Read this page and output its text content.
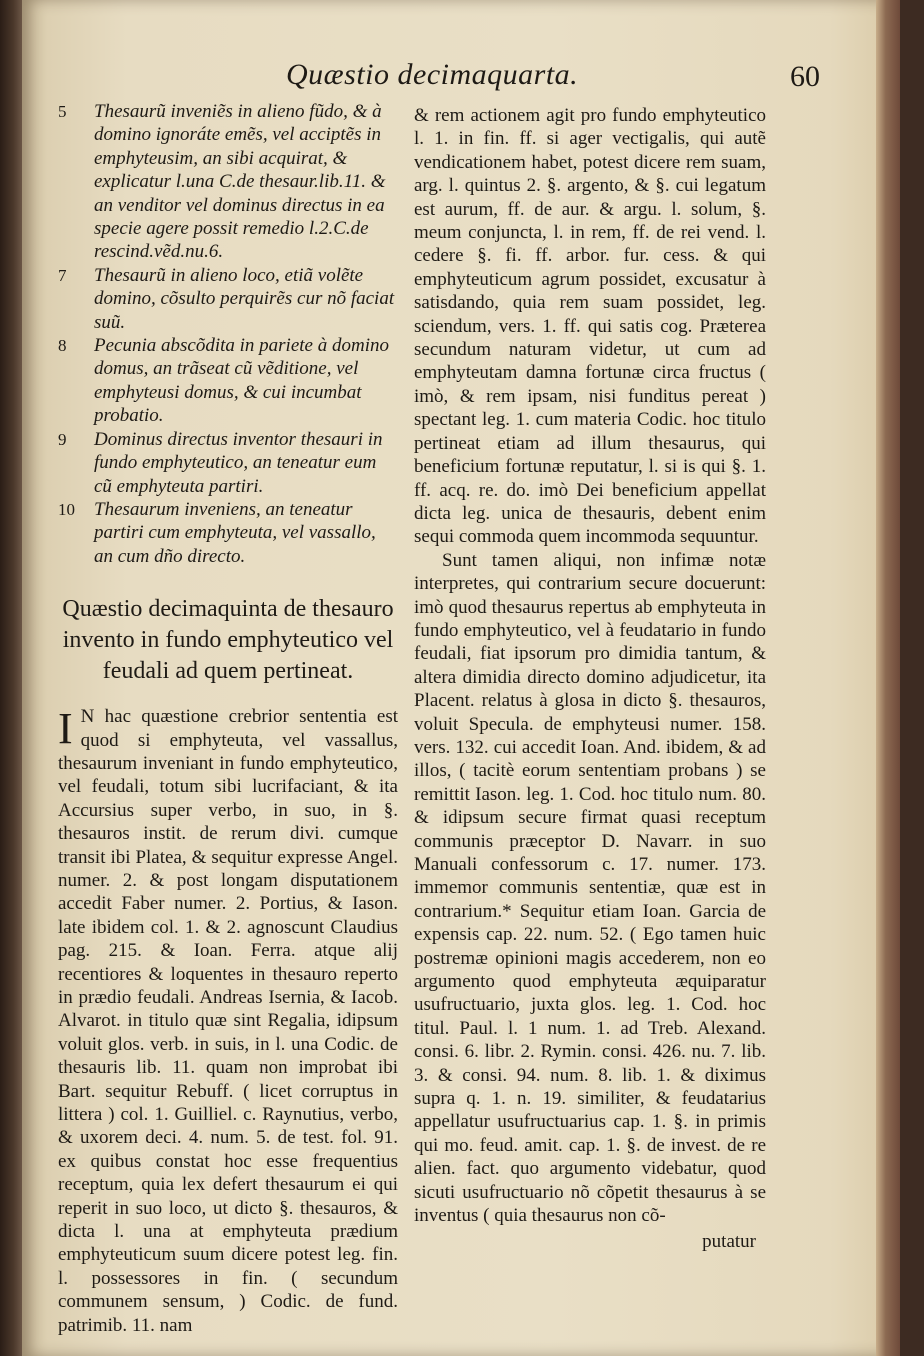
Quæstio decimaquarta.	60
5 Thesaurũ inveniẽs in alieno fũdo, & à domino ignoráte emẽs, vel acciptẽs in emphyteusim, an sibi acquirat, & explicatur l.una C.de thesaur.lib.11. & an venditor vel dominus directus in ea specie agere possit remedio l.2.C.de rescind.vẽd.nu.6.
7 Thesaurũ in alieno loco, etiã volẽte domino, cõsulto perquirẽs cur nõ faciat suũ.
8 Pecunia abscõdita in pariete à domino domus, an trãseat cũ vẽditione, vel emphyteusi domus, & cui incumbat probatio.
9 Dominus directus inventor thesauri in fundo emphyteutico, an teneatur eum cũ emphyteuta partiri.
10 Thesaurum inveniens, an teneatur partiri cum emphyteuta, vel vassallo, an cum dño directo.
Quæstio decimaquinta de thesauro invento in fundo emphyteutico vel feudali ad quem pertineat.

I N hac quæstione crebrior sententia est quod si emphyteuta, vel vassallus, thesaurum inveniant in fundo emphyteutico, vel feudali, totum sibi lucrifaciant, & ita Accursius super verbo, in suo, in §. thesauros instit. de rerum divi. cumque transit ibi Platea, & sequitur expresse Angel. numer. 2. & post longam disputationem accedit Faber numer. 2. Portius, & Iason. late ibidem col. 1. & 2. agnoscunt Claudius pag. 215. & Ioan. Ferra. atque alij recentiores & loquentes in thesauro reperto in prædio feudali. Andreas Isernia, & Iacob. Alvarot. in titulo quæ sint Regalia, idipsum voluit glos. verb. in suis, in l. una Codic. de thesauris lib. 11. quam non improbat ibi Bart. sequitur Rebuff. ( licet corruptus in littera ) col. 1. Guilliel. c. Raynutius, verbo, & uxorem deci. 4. num. 5. de test. fol. 91. ex quibus constat hoc esse frequentius receptum, quia lex defert thesaurum ei qui reperit in suo loco, ut dicto §. thesauros, & dicta l. una at emphyteuta prædium emphyteuticum suum dicere potest leg. fin. l. possessores in fin. ( secundum communem sensum, ) Codic. de fund. patrimib. 11. nam

& rem actionem agit pro fundo emphyteutico l. 1. in fin. ff. si ager vectigalis, qui autẽ vendicationem habet, potest dicere rem suam, arg. l. quintus 2. §. argento, & §. cui legatum est aurum, ff. de aur. & argu. l. solum, §. meum conjuncta, l. in rem, ff. de rei vend. l. cedere §. fi. ff. arbor. fur. cess. & qui emphyteuticum agrum possidet, excusatur à satisdando, quia rem suam possidet, leg. sciendum, vers. 1. ff. qui satis cog. Præterea secundum naturam videtur, ut cum ad emphyteutam damna fortunæ circa fructus ( imò, & rem ipsam, nisi funditus pereat ) spectant leg. 1. cum materia Codic. hoc titulo pertineat etiam ad illum thesaurus, qui beneficium fortunæ reputatur, l. si is qui §. 1. ff. acq. re. do. imò Dei beneficium appellat dicta leg. unica de thesauris, debent enim sequi commoda quem incommoda sequuntur.

Sunt tamen aliqui, non infimæ notæ interpretes, qui contrarium secure docuerunt: imò quod thesaurus repertus ab emphyteuta in fundo emphyteutico, vel à feudatario in fundo feudali, fiat ipsorum pro dimidia tantum, & altera dimidia directo domino adjudicetur, ita Placent. relatus à glosa in dicto §. thesauros, voluit Specula. de emphyteusi numer. 158. vers. 132. cui accedit Ioan. And. ibidem, & ad illos, ( tacitè eorum sententiam probans ) se remittit Iason. leg. 1. Cod. hoc titulo num. 80. & idipsum secure firmat quasi receptum communis præceptor D. Navarr. in suo Manuali confessorum c. 17. numer. 173. immemor communis sententiæ, quæ est in contrarium.* Sequitur etiam Ioan. Garcia de expensis cap. 22. num. 52. ( Ego tamen huic postremæ opinioni magis accederem, non eo argumento quod emphyteuta æquiparatur usufructuario, juxta glos. leg. 1. Cod. hoc titul. Paul. l. 1 num. 1. ad Treb. Alexand. consi. 6. libr. 2. Rymin. consi. 426. nu. 7. lib. 3. & consi. 94. num. 8. lib. 1. & diximus supra q. 1. n. 19. similiter, & feudatarius appellatur usufructuarius cap. 1. §. in primis qui mo. feud. amit. cap. 1. §. de invest. de re alien. fact. quo argumento videbatur, quod sicuti usufructuario nõ cõpetit thesaurus à se inventus ( quia thesaurus non cõ-

putatur
